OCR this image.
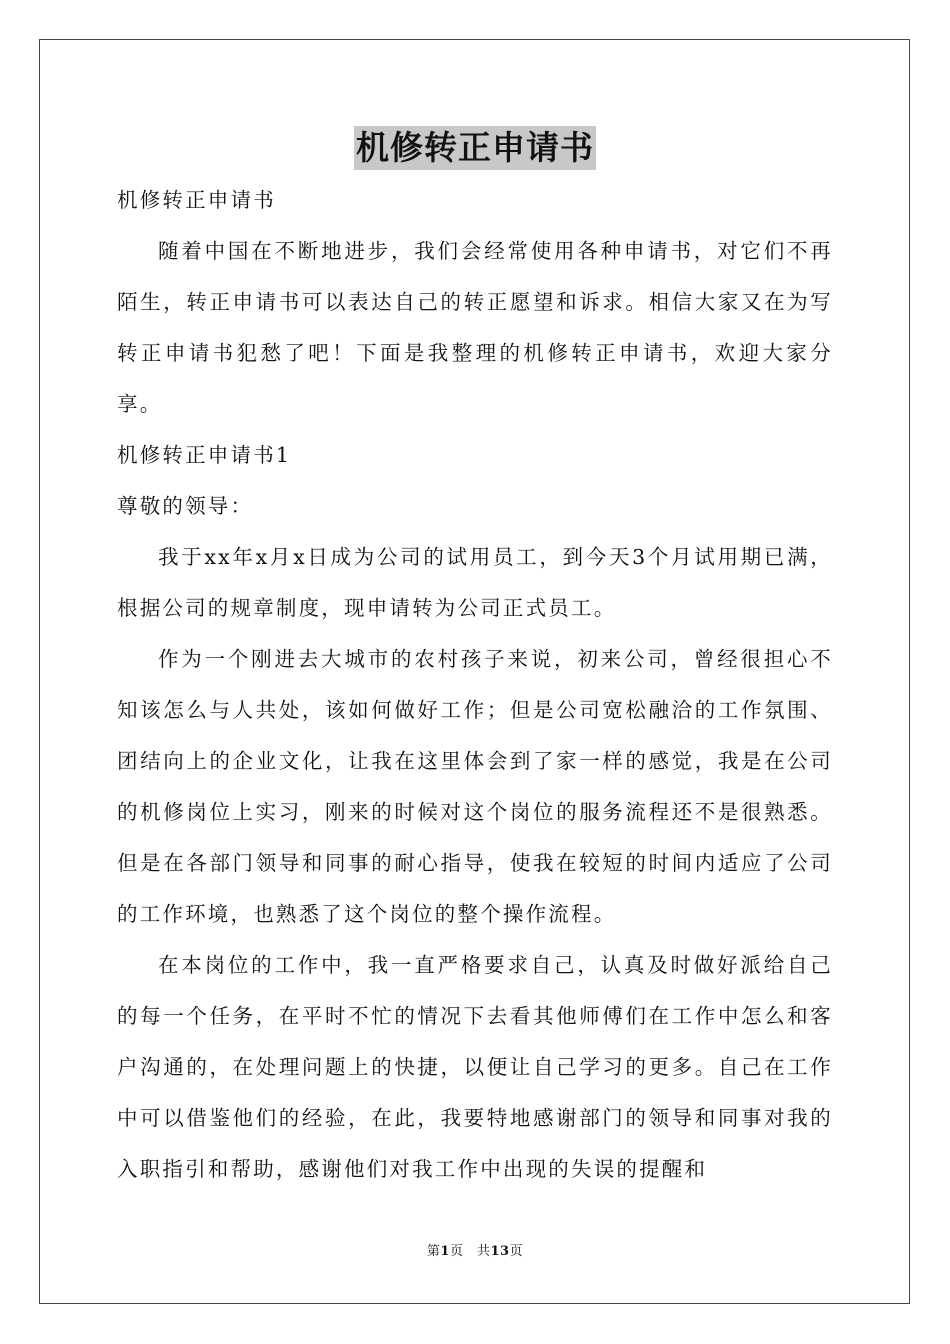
机修转正申请书

机修转正申请书

随着中国在不断地进步，我们会经常使用各种申请书，对它们不再陌生，转正申请书可以表达自己的转正愿望和诉求。相信大家又在为写转正申请书犯愁了吧！下面是我整理的机修转正申请书，欢迎大家分享。

机修转正申请书1

尊敬的领导：

我于xx年x月x日成为公司的试用员工，到今天3个月试用期已满，根据公司的规章制度，现申请转为公司正式员工。

作为一个刚进去大城市的农村孩子来说，初来公司，曾经很担心不知该怎么与人共处，该如何做好工作；但是公司宽松融洽的工作氛围、团结向上的企业文化，让我在这里体会到了家一样的感觉，我是在公司的机修岗位上实习，刚来的时候对这个岗位的服务流程还不是很熟悉。但是在各部门领导和同事的耐心指导，使我在较短的时间内适应了公司的工作环境，也熟悉了这个岗位的整个操作流程。

在本岗位的工作中，我一直严格要求自己，认真及时做好派给自己的每一个任务，在平时不忙的情况下去看其他师傅们在工作中怎么和客户沟通的，在处理问题上的快捷，以便让自己学习的更多。自己在工作中可以借鉴他们的经验，在此，我要特地感谢部门的领导和同事对我的入职指引和帮助，感谢他们对我工作中出现的失误的提醒和

第1页　共13页
